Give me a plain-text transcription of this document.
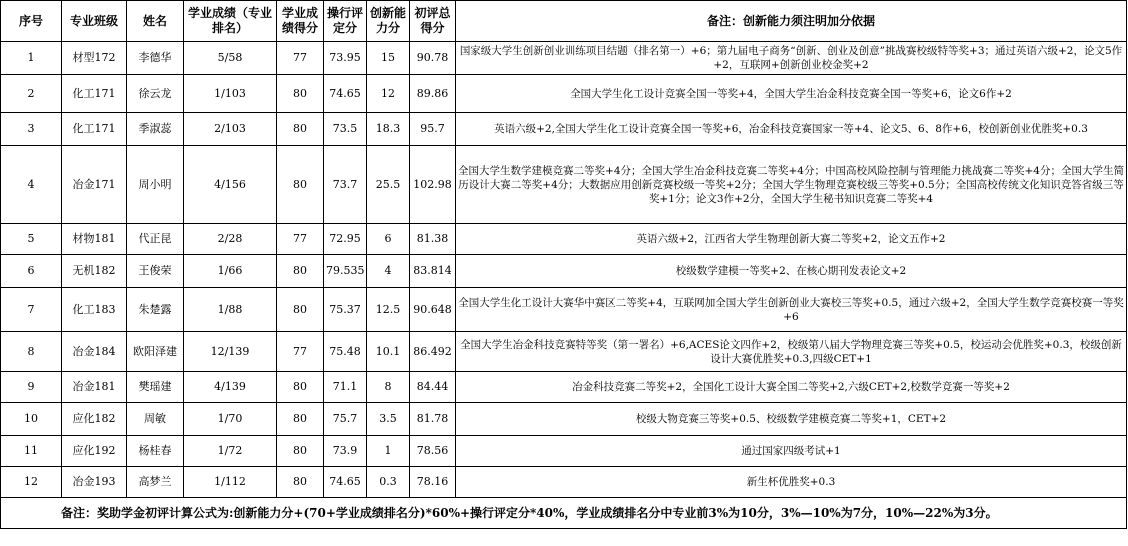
序号	专业班级	姓名	学业成绩（专业排名）	学业成绩得分	操行评定分	创新能力分	初评总得分	备注：创新能力须注明加分依据
1	材型172	李德华	5/58	77	73.95	15	90.78	国家级大学生创新创业训练项目结题（排名第一）+6；第九届电子商务“创新、创业及创意”挑战赛校级特等奖+3；通过英语六级+2，论文5作+2，互联网+创新创业校金奖+2
2	化工171	徐云龙	1/103	80	74.65	12	89.86	全国大学生化工设计竞赛全国一等奖+4，全国大学生冶金科技竞赛全国一等奖+6，论文6作+2
3	化工171	季淑蕊	2/103	80	73.5	18.3	95.7	英语六级+2,全国大学生化工设计竞赛全国一等奖+6，冶金科技竞赛国家一等+4、论文5、6、8作+6，校创新创业优胜奖+0.3
4	冶金171	周小明	4/156	80	73.7	25.5	102.98	全国大学生数学建模竞赛二等奖+4分；全国大学生冶金科技竞赛二等奖+4分；中国高校风险控制与管理能力挑战赛二等奖+4分；全国大学生简历设计大赛二等奖+4分；大数据应用创新竞赛校级一等奖+2分；全国大学生物理竞赛校级三等奖+0.5分；全国高校传统文化知识竞答省级三等奖+1分；论文3作+2分，全国大学生秘书知识竞赛二等奖+4
5	材物181	代正昆	2/28	77	72.95	6	81.38	英语六级+2，江西省大学生物理创新大赛二等奖+2，论文五作+2
6	无机182	王俊荣	1/66	80	79.535	4	83.814	校级数学建模一等奖+2、在核心期刊发表论文+2
7	化工183	朱楚露	1/88	80	75.37	12.5	90.648	全国大学生化工设计大赛华中赛区二等奖+4，互联网加全国大学生创新创业大赛校三等奖+0.5，通过六级+2，全国大学生数学竞赛校赛一等奖+6
8	冶金184	欧阳泽建	12/139	77	75.48	10.1	86.492	全国大学生冶金科技竞赛特等奖（第一署名）+6,ACES论文四作+2，校级第八届大学物理竞赛三等奖+0.5，校运动会优胜奖+0.3，校级创新设计大赛优胜奖+0.3,四级CET+1
9	冶金181	樊瑶建	4/139	80	71.1	8	84.44	冶金科技竞赛二等奖+2，全国化工设计大赛全国二等奖+2,六级CET+2,校数学竞赛一等奖+2
10	应化182	周敏	1/70	80	75.7	3.5	81.78	校级大物竞赛三等奖+0.5、校级数学建模竞赛二等奖+1，CET+2
11	应化192	杨桂春	1/72	80	73.9	1	78.56	通过国家四级考试+1
12	冶金193	高梦兰	1/112	80	74.65	0.3	78.16	新生杯优胜奖+0.3
备注：奖助学金初评计算公式为:创新能力分+(70+学业成绩排名分)*60%+操行评定分*40%，学业成绩排名分中专业前3%为10分，3%—10%为7分，10%—22%为3分。								
